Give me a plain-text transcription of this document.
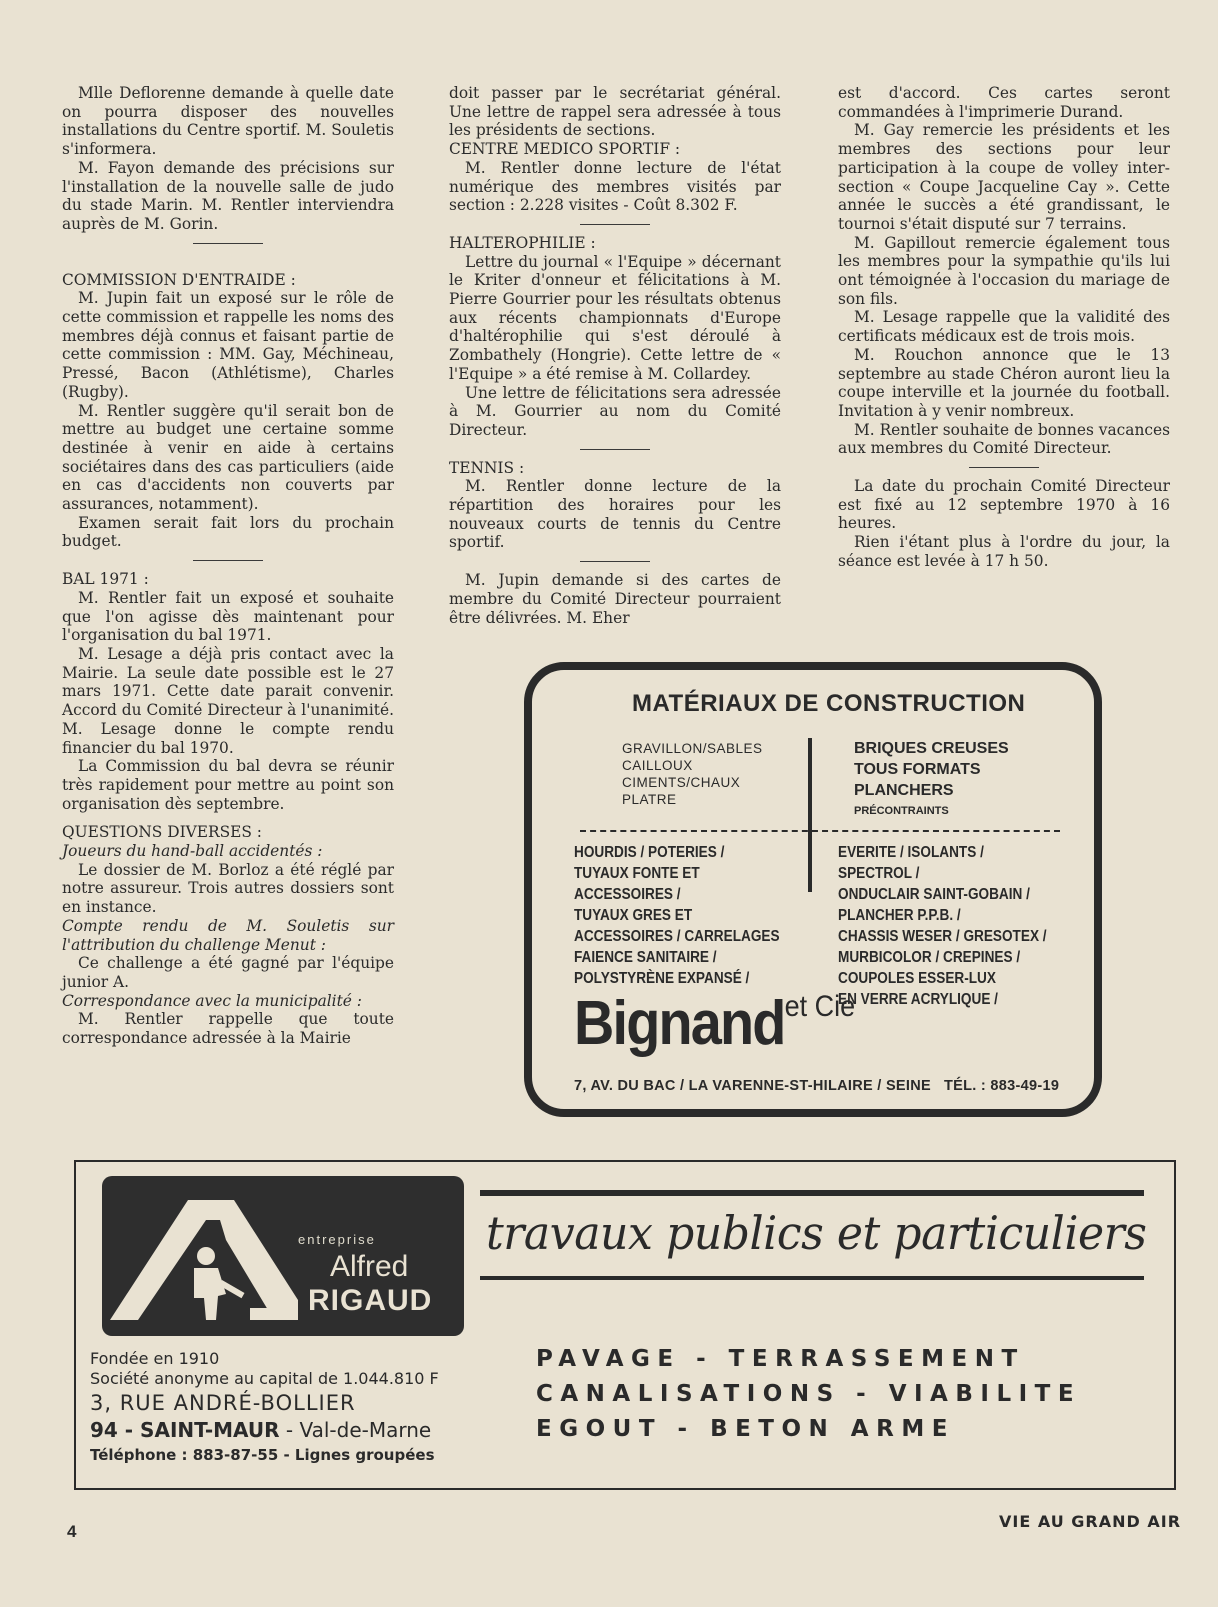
Mlle Deflorenne demande à quelle date on pourra disposer des nouvelles installations du Centre sportif. M. Souletis s'informera.

M. Fayon demande des précisions sur l'installation de la nouvelle salle de judo du stade Marin. M. Rentler interviendra auprès de M. Gorin.

COMMISSION D'ENTRAIDE :

M. Jupin fait un exposé sur le rôle de cette commission et rappelle les noms des membres déjà connus et faisant partie de cette commission : MM. Gay, Méchineau, Pressé, Bacon (Athlétisme), Charles (Rugby).

M. Rentler suggère qu'il serait bon de mettre au budget une certaine somme destinée à venir en aide à certains sociétaires dans des cas particuliers (aide en cas d'accidents non couverts par assurances, notamment).

Examen serait fait lors du prochain budget.

BAL 1971 :

M. Rentler fait un exposé et souhaite que l'on agisse dès maintenant pour l'organisation du bal 1971.

M. Lesage a déjà pris contact avec la Mairie. La seule date possible est le 27 mars 1971. Cette date parait convenir. Accord du Comité Directeur à l'unanimité. M. Lesage donne le compte rendu financier du bal 1970.

La Commission du bal devra se réunir très rapidement pour mettre au point son organisation dès septembre.

QUESTIONS DIVERSES :

Joueurs du hand-ball accidentés :

Le dossier de M. Borloz a été réglé par notre assureur. Trois autres dossiers sont en instance.

Compte rendu de M. Souletis sur l'attribution du challenge Menut :

Ce challenge a été gagné par l'équipe junior A.

Correspondance avec la municipalité :

M. Rentler rappelle que toute correspondance adressée à la Mairie

doit passer par le secrétariat général. Une lettre de rappel sera adressée à tous les présidents de sections.

CENTRE MEDICO SPORTIF :

M. Rentler donne lecture de l'état numérique des membres visités par section : 2.228 visites - Coût 8.302 F.

HALTEROPHILIE :

Lettre du journal « l'Equipe » décernant le Kriter d'onneur et félicitations à M. Pierre Gourrier pour les résultats obtenus aux récents championnats d'Europe d'haltérophilie qui s'est déroulé à Zombathely (Hongrie). Cette lettre de « l'Equipe » a été remise à M. Collardey.

Une lettre de félicitations sera adressée à M. Gourrier au nom du Comité Directeur.

TENNIS :

M. Rentler donne lecture de la répartition des horaires pour les nouveaux courts de tennis du Centre sportif.

M. Jupin demande si des cartes de membre du Comité Directeur pourraient être délivrées. M. Eher

est d'accord. Ces cartes seront commandées à l'imprimerie Durand.

M. Gay remercie les présidents et les membres des sections pour leur participation à la coupe de volley inter-section « Coupe Jacqueline Cay ». Cette année le succès a été grandissant, le tournoi s'était disputé sur 7 terrains.

M. Gapillout remercie également tous les membres pour la sympathie qu'ils lui ont témoignée à l'occasion du mariage de son fils.

M. Lesage rappelle que la validité des certificats médicaux est de trois mois.

M. Rouchon annonce que le 13 septembre au stade Chéron auront lieu la coupe interville et la journée du football. Invitation à y venir nombreux.

M. Rentler souhaite de bonnes vacances aux membres du Comité Directeur.

La date du prochain Comité Directeur est fixé au 12 septembre 1970 à 16 heures.

Rien i'étant plus à l'ordre du jour, la séance est levée à 17 h 50.

MATÉRIAUX DE CONSTRUCTION
GRAVILLON/SABLES
CAILLOUX
CIMENTS/CHAUX
PLATRE
BRIQUES CREUSES
TOUS FORMATS
PLANCHERS
PRÉCONTRAINTS
HOURDIS / POTERIES /
TUYAUX FONTE ET
ACCESSOIRES /
TUYAUX GRES ET
ACCESSOIRES / CARRELAGES
FAIENCE SANITAIRE /
POLYSTYRÈNE EXPANSÉ /
EVERITE / ISOLANTS / SPECTROL /
ONDUCLAIR SAINT-GOBAIN /
PLANCHER P.P.B. /
CHASSIS WESER / GRESOTEX /
MURBICOLOR / CREPINES /
COUPOLES ESSER-LUX
EN VERRE ACRYLIQUE /
Bignand$^{et Cie}$
7, AV. DU BAC / LA VARENNE-ST-HILAIRE / SEINE TÉL. : 883-49-19
entreprise
Alfred
RIGAUD
travaux publics et particuliers
Fondée en 1910
Société anonyme au capital de 1.044.810 F
3, RUE ANDRÉ-BOLLIER
94 - SAINT-MAUR - Val-de-Marne
Téléphone : 883-87-55 - Lignes groupées
PAVAGE - TERRASSEMENT
CANALISATIONS - VIABILITE
EGOUT - BETON ARME
4
VIE AU GRAND AIR
